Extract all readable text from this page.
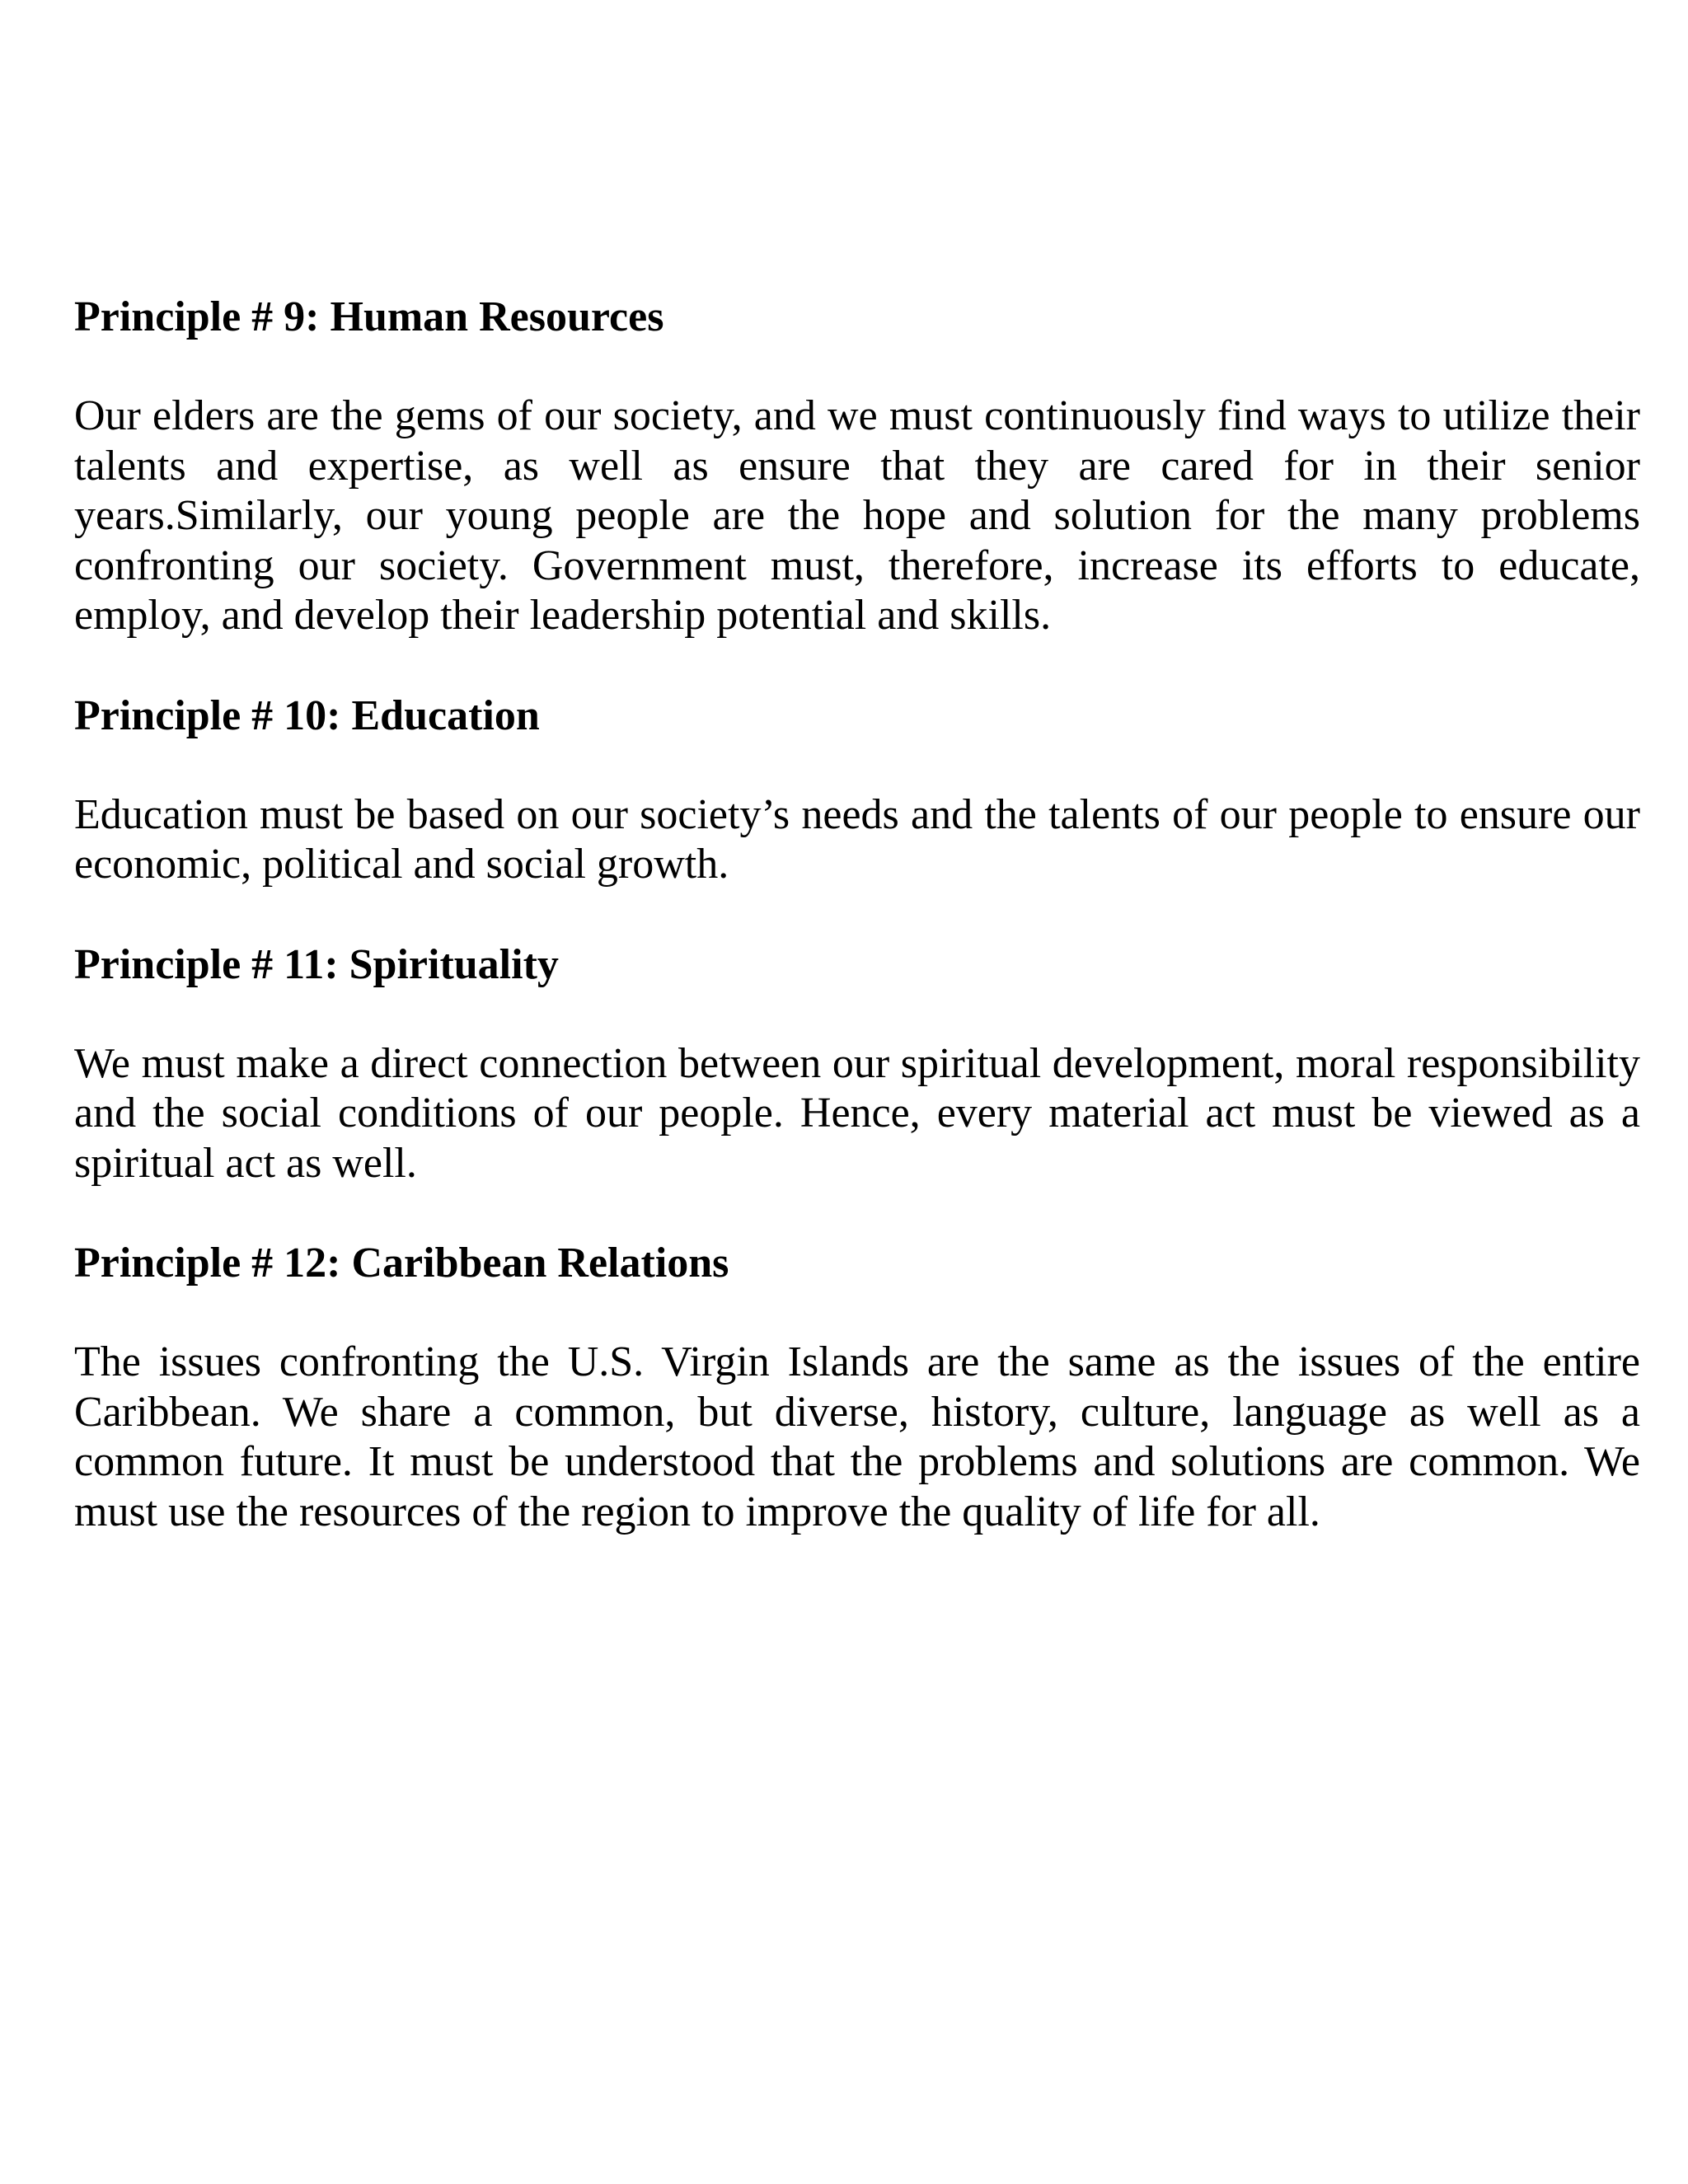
Principle # 9: Human Resources
Our elders are the gems of our society, and we must continuously find ways to utilize their talents and expertise, as well as ensure that they are cared for in their senior years.Similarly, our young people are the hope and solution for the many problems confronting our society. Government must, therefore, increase its efforts to educate, employ, and develop their leadership potential and skills.
Principle # 10: Education
Education must be based on our society’s needs and the talents of our people to ensure our economic, political and social growth.
Principle # 11: Spirituality
We must make a direct connection between our spiritual development, moral responsibility and the social conditions of our people. Hence, every material act must be viewed as a spiritual act as well.
Principle # 12: Caribbean Relations
The issues confronting the U.S. Virgin Islands are the same as the issues of the entire Caribbean. We share a common, but diverse, history, culture, language as well as a common future. It must be understood that the problems and solutions are common. We must use the resources of the region to improve the quality of life for all.
